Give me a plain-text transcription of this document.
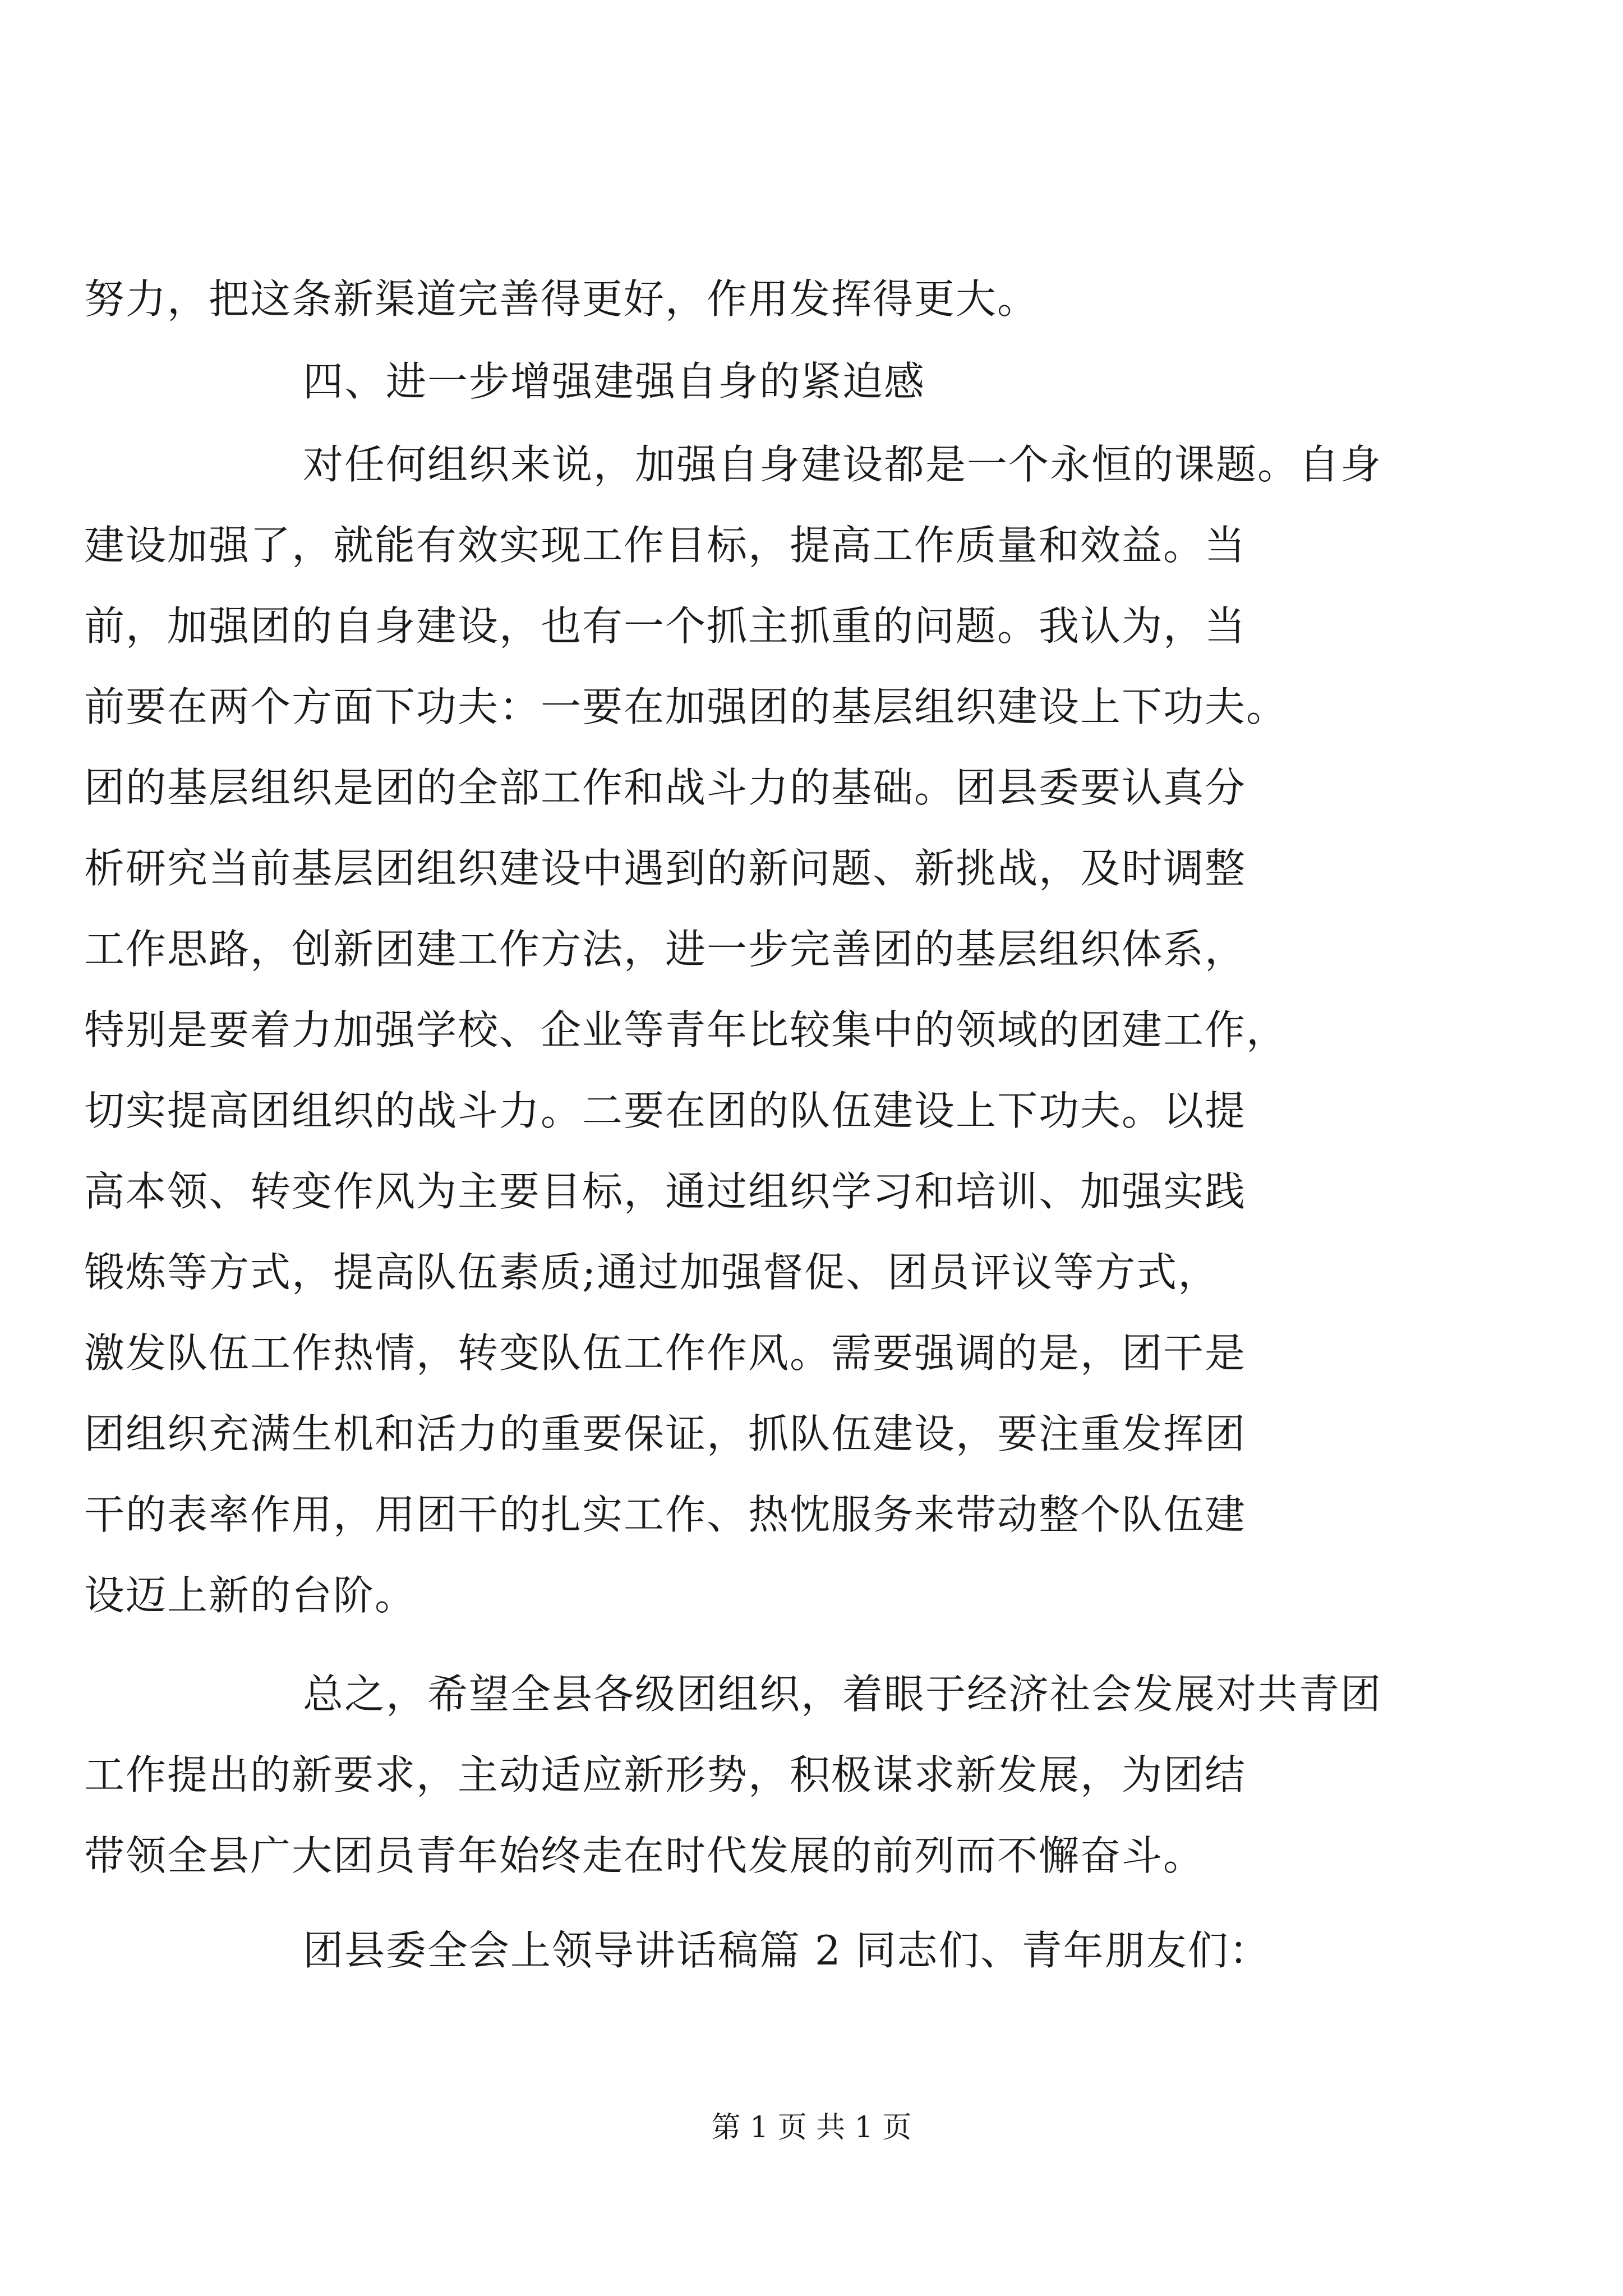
努力，把这条新渠道完善得更好，作用发挥得更大。
四、进一步增强建强自身的紧迫感
对任何组织来说，加强自身建设都是一个永恒的课题。自身
建设加强了，就能有效实现工作目标，提高工作质量和效益。当
前，加强团的自身建设，也有一个抓主抓重的问题。我认为，当
前要在两个方面下功夫：一要在加强团的基层组织建设上下功夫。
团的基层组织是团的全部工作和战斗力的基础。团县委要认真分
析研究当前基层团组织建设中遇到的新问题、新挑战，及时调整
工作思路，创新团建工作方法，进一步完善团的基层组织体系，
特别是要着力加强学校、企业等青年比较集中的领域的团建工作，
切实提高团组织的战斗力。二要在团的队伍建设上下功夫。以提
高本领、转变作风为主要目标，通过组织学习和培训、加强实践
锻炼等方式，提高队伍素质;通过加强督促、团员评议等方式，
激发队伍工作热情，转变队伍工作作风。需要强调的是，团干是
团组织充满生机和活力的重要保证，抓队伍建设，要注重发挥团
干的表率作用，用团干的扎实工作、热忱服务来带动整个队伍建
设迈上新的台阶。
总之，希望全县各级团组织，着眼于经济社会发展对共青团
工作提出的新要求，主动适应新形势，积极谋求新发展，为团结
带领全县广大团员青年始终走在时代发展的前列而不懈奋斗。
团县委全会上领导讲话稿篇 2 同志们、青年朋友们：
第 1 页 共 1 页
